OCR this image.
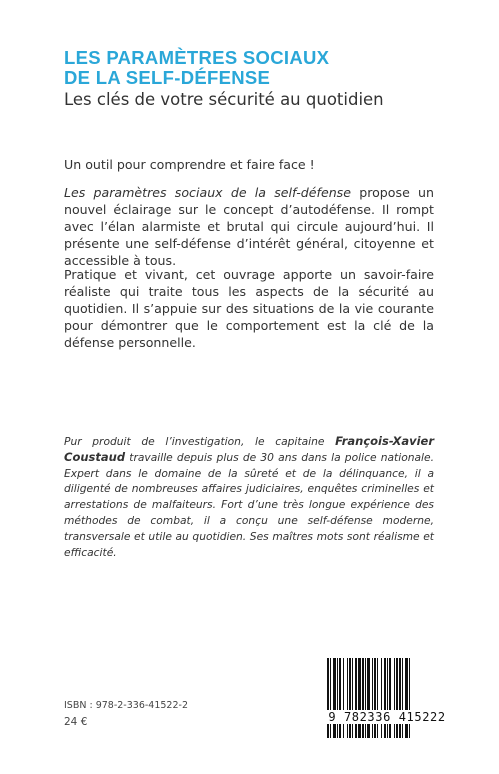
LES PARAMÈTRES SOCIAUX
DE LA SELF-DÉFENSE
Les clés de votre sécurité au quotidien
Un outil pour comprendre et faire face !
Les paramètres sociaux de la self-défense propose un nouvel éclairage sur le concept d’autodéfense. Il rompt avec l’élan alarmiste et brutal qui circule aujourd’hui. Il présente une self-défense d’intérêt général, citoyenne et accessible à tous.
Pratique et vivant, cet ouvrage apporte un savoir-faire réaliste qui traite tous les aspects de la sécurité au quotidien. Il s’appuie sur des situations de la vie courante pour démontrer que le comportement est la clé de la défense personnelle.
Pur produit de l’investigation, le capitaine François-Xavier Coustaud travaille depuis plus de 30 ans dans la police nationale. Expert dans le domaine de la sûreté et de la délinquance, il a diligenté de nombreuses affaires judiciaires, enquêtes criminelles et arrestations de malfaiteurs. Fort d’une très longue expérience des méthodes de combat, il a conçu une self-défense moderne, transversale et utile au quotidien. Ses maîtres mots sont réalisme et efficacité.
ISBN : 978-2-336-41522-2
24 €	9 782336 415222
